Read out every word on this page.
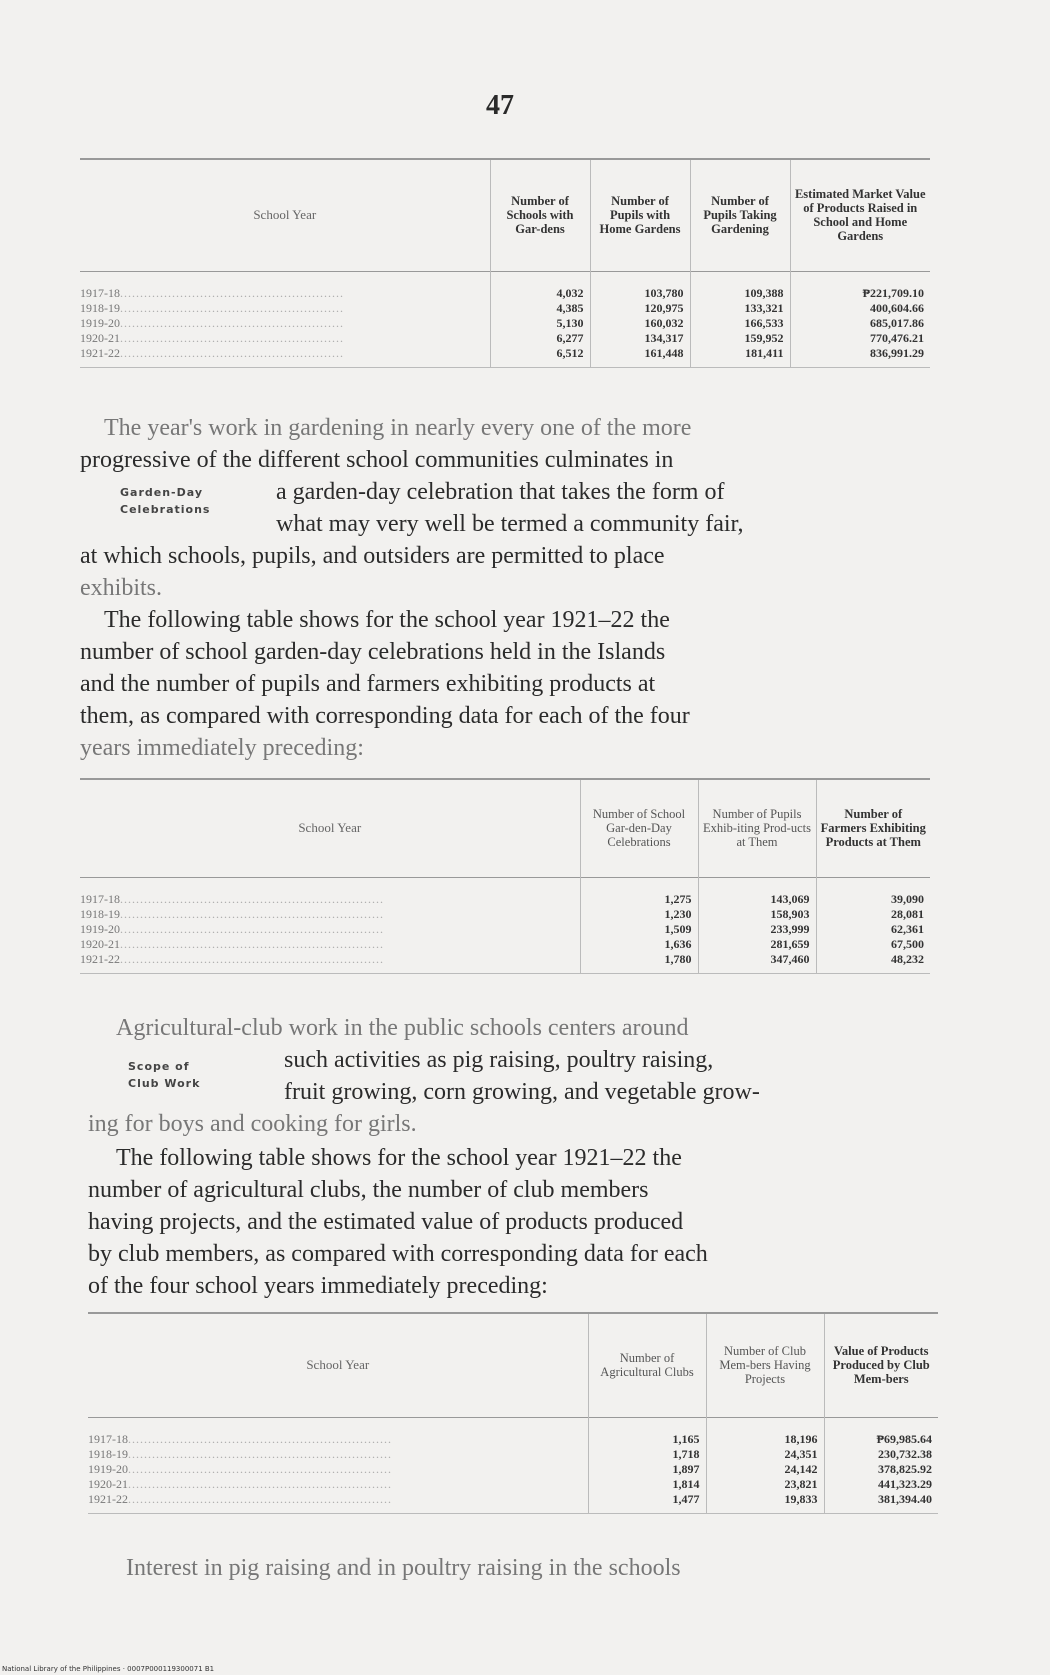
47
School Year	Number of Schools with Gar-dens	Number of Pupils with Home Gardens	Number of Pupils Taking Gardening	Estimated Market Value of Products Raised in School and Home Gardens
1917-18........................................................	4,032	103,780	109,388	₱221,709.10
1918-19........................................................	4,385	120,975	133,321	400,604.66
1919-20........................................................	5,130	160,032	166,533	685,017.86
1920-21........................................................	6,277	134,317	159,952	770,476.21
1921-22........................................................	6,512	161,448	181,411	836,991.29
The year's work in gardening in nearly every one of the more
progressive of the different school communities culminates in
a garden-day celebration that takes the form of
what may very well be termed a community fair,
at which schools, pupils, and outsiders are permitted to place
exhibits.
Garden-Day
Celebrations
The following table shows for the school year 1921–22 the
number of school garden-day celebrations held in the Islands
and the number of pupils and farmers exhibiting products at
them, as compared with corresponding data for each of the four
years immediately preceding:
School Year	Number of School Gar-den-Day Celebrations	Number of Pupils Exhib-iting Prod-ucts at Them	Number of Farmers Exhibiting Products at Them
1917-18..................................................................	1,275	143,069	39,090
1918-19..................................................................	1,230	158,903	28,081
1919-20..................................................................	1,509	233,999	62,361
1920-21..................................................................	1,636	281,659	67,500
1921-22..................................................................	1,780	347,460	48,232
Agricultural-club work in the public schools centers around
such activities as pig raising, poultry raising,
fruit growing, corn growing, and vegetable grow-
ing for boys and cooking for girls.
Scope of
Club Work
The following table shows for the school year 1921–22 the
number of agricultural clubs, the number of club members
having projects, and the estimated value of products produced
by club members, as compared with corresponding data for each
of the four school years immediately preceding:
School Year	Number of Agricultural Clubs	Number of Club Mem-bers Having Projects	Value of Products Produced by Club Mem-bers
1917-18..................................................................	1,165	18,196	₱69,985.64
1918-19..................................................................	1,718	24,351	230,732.38
1919-20..................................................................	1,897	24,142	378,825.92
1920-21..................................................................	1,814	23,821	441,323.29
1921-22..................................................................	1,477	19,833	381,394.40
Interest in pig raising and in poultry raising in the schools
National Library of the Philippines · 0007P000119300071 B1
